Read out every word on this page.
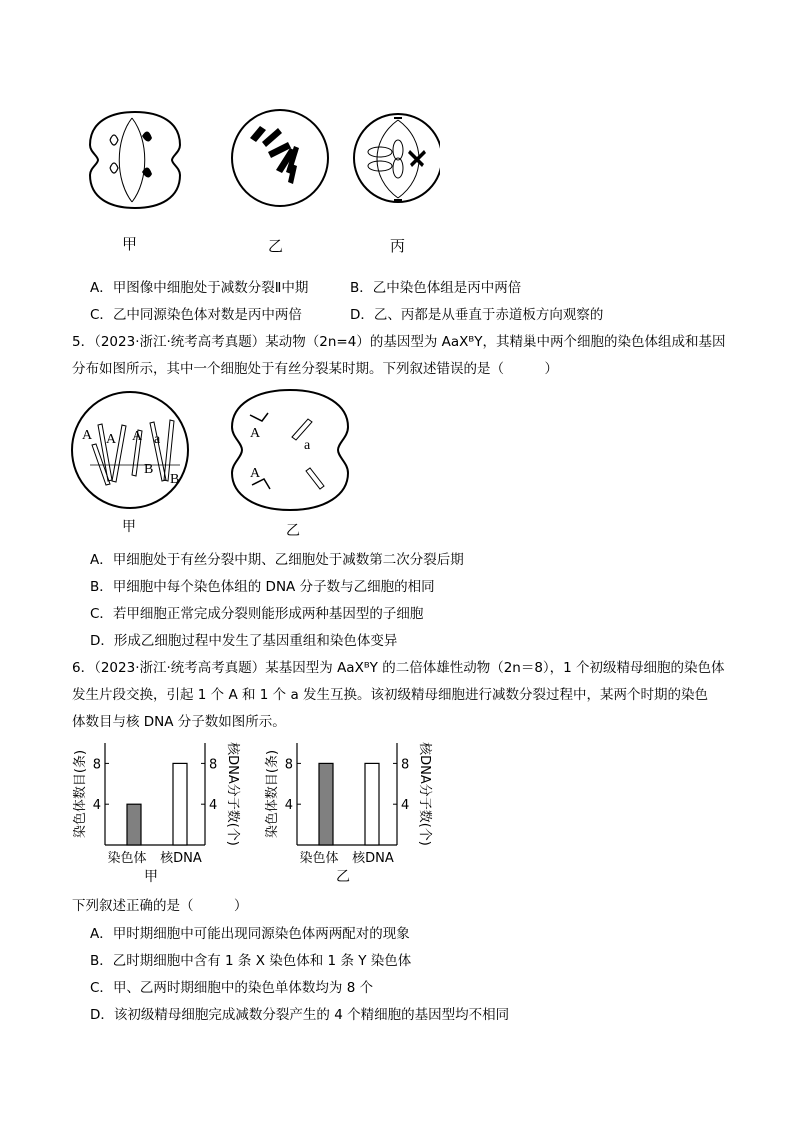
甲	乙	丙
A．甲图像中细胞处于减数分裂Ⅱ中期	B．乙中染色体组是丙中两倍
C．乙中同源染色体对数是丙中两倍	D．乙、丙都是从垂直于赤道板方向观察的
5．（2023·浙江·统考高考真题）某动物（2n=4）的基因型为 AaXᴮY，其精巢中两个细胞的染色体组成和基因
分布如图所示，其中一个细胞处于有丝分裂某时期。下列叙述错误的是（　　　）
A A A a
B
B
A
a
A
甲	乙
A．甲细胞处于有丝分裂中期、乙细胞处于减数第二次分裂后期
B．甲细胞中每个染色体组的 DNA 分子数与乙细胞的相同
C．若甲细胞正常完成分裂则能形成两种基因型的子细胞
D．形成乙细胞过程中发生了基因重组和染色体变异
6．（2023·浙江·统考高考真题）某基因型为 AaXᴮY 的二倍体雄性动物（2n＝8），1 个初级精母细胞的染色体
发生片段交换，引起 1 个 A 和 1 个 a 发生互换。该初级精母细胞进行减数分裂过程中，某两个时期的染色
体数目与核 DNA 分子数如图所示。
染色体数目(条)	核DNA分子数(个)
4	4
8	8
染色体 核DNA
甲
染色体数目(条)	核DNA分子数(个)
4	4
8	8
染色体 核DNA
乙
下列叙述正确的是（　　　）
A．甲时期细胞中可能出现同源染色体两两配对的现象
B．乙时期细胞中含有 1 条 X 染色体和 1 条 Y 染色体
C．甲、乙两时期细胞中的染色单体数均为 8 个
D．该初级精母细胞完成减数分裂产生的 4 个精细胞的基因型均不相同
